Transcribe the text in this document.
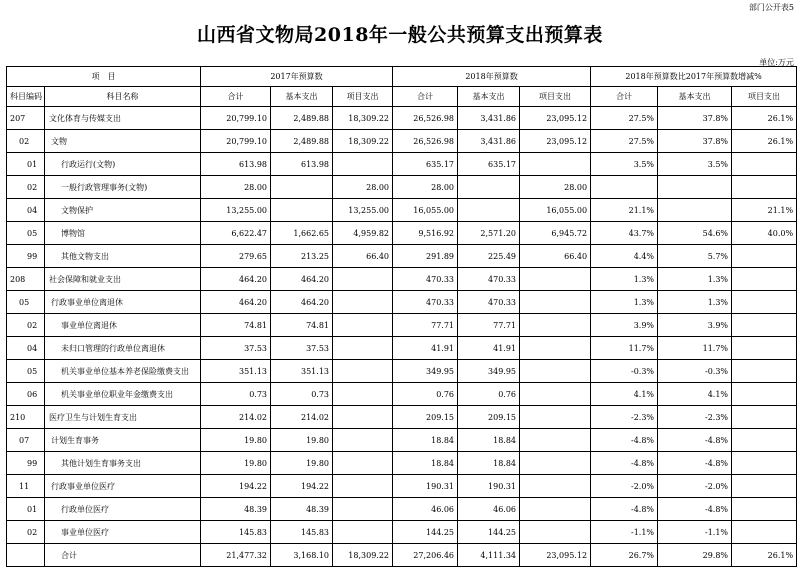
部门公开表5
山西省文物局2018年一般公共预算支出预算表
单位:万元
项　目		2017年预算数			2018年预算数			2018年预算数比2017年预算数增减%		
科目编码	科目名称	合计	基本支出	项目支出	合计	基本支出	项目支出	合计	基本支出	项目支出
207	文化体育与传媒支出	20,799.10	2,489.88	18,309.22	26,526.98	3,431.86	23,095.12	27.5%	37.8%	26.1%
02	文物	20,799.10	2,489.88	18,309.22	26,526.98	3,431.86	23,095.12	27.5%	37.8%	26.1%
01	行政运行(文物)	613.98	613.98		635.17	635.17		3.5%	3.5%	
02	一般行政管理事务(文物)	28.00		28.00	28.00		28.00			
04	文物保护	13,255.00		13,255.00	16,055.00		16,055.00	21.1%		21.1%
05	博物馆	6,622.47	1,662.65	4,959.82	9,516.92	2,571.20	6,945.72	43.7%	54.6%	40.0%
99	其他文物支出	279.65	213.25	66.40	291.89	225.49	66.40	4.4%	5.7%	
208	社会保障和就业支出	464.20	464.20		470.33	470.33		1.3%	1.3%	
05	行政事业单位离退休	464.20	464.20		470.33	470.33		1.3%	1.3%	
02	事业单位离退休	74.81	74.81		77.71	77.71		3.9%	3.9%	
04	未归口管理的行政单位离退休	37.53	37.53		41.91	41.91		11.7%	11.7%	
05	机关事业单位基本养老保险缴费支出	351.13	351.13		349.95	349.95		-0.3%	-0.3%	
06	机关事业单位职业年金缴费支出	0.73	0.73		0.76	0.76		4.1%	4.1%	
210	医疗卫生与计划生育支出	214.02	214.02		209.15	209.15		-2.3%	-2.3%	
07	计划生育事务	19.80	19.80		18.84	18.84		-4.8%	-4.8%	
99	其他计划生育事务支出	19.80	19.80		18.84	18.84		-4.8%	-4.8%	
11	行政事业单位医疗	194.22	194.22		190.31	190.31		-2.0%	-2.0%	
01	行政单位医疗	48.39	48.39		46.06	46.06		-4.8%	-4.8%	
02	事业单位医疗	145.83	145.83		144.25	144.25		-1.1%	-1.1%	
	合计	21,477.32	3,168.10	18,309.22	27,206.46	4,111.34	23,095.12	26.7%	29.8%	26.1%
